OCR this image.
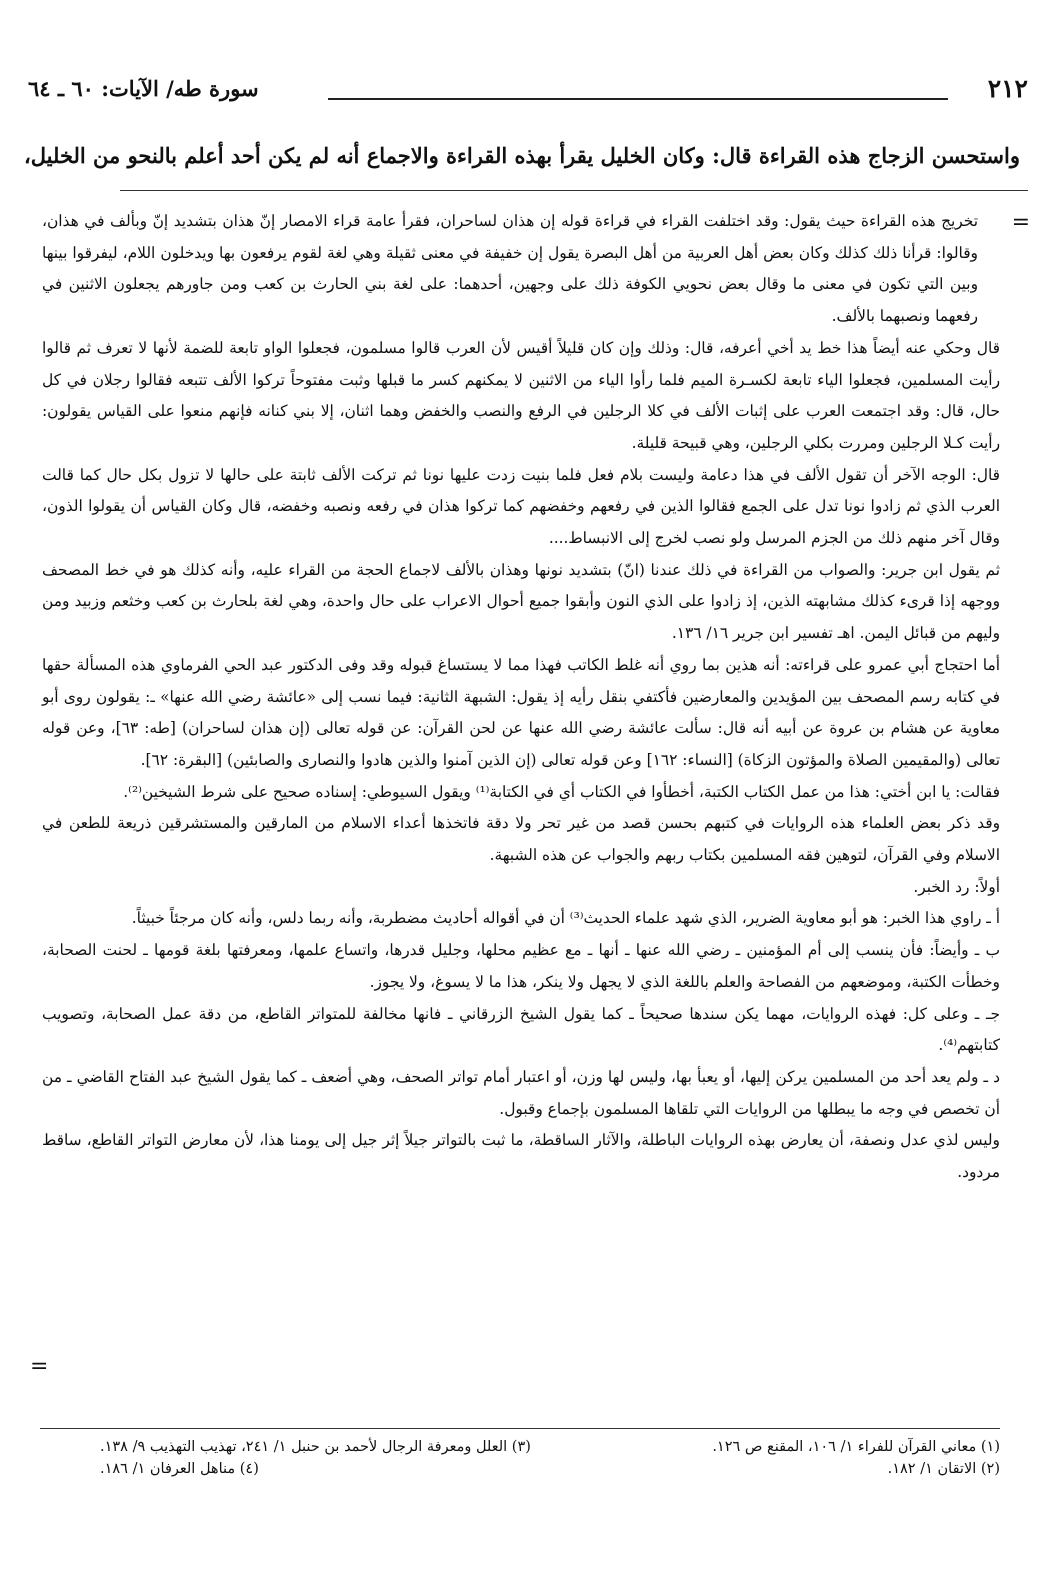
٢١٢
سورة طه/ الآيات: ٦٠ ـ ٦٤
واستحسن الزجاج هذه القراءة قال: وكان الخليل يقرأ بهذه القراءة والاجماع أنه لم يكن أحد أعلم بالنحو من الخليل،
=

تخريج هذه القراءة حيث يقول: وقد اختلفت القراء في قراءة قوله إن هذان لساحران، فقرأ عامة قراء الامصار إنّ هذان بتشديد إنّ وبألف في هذان، وقالوا: قرأنا ذلك كذلك وكان بعض أهل العربية من أهل البصرة يقول إن خفيفة في معنى ثقيلة وهي لغة لقوم يرفعون بها ويدخلون اللام، ليفرقوا بينها وبين التي تكون في معنى ما وقال بعض نحويي الكوفة ذلك على وجهين، أحدهما: على لغة بني الحارث بن كعب ومن جاورهم يجعلون الاثنين في رفعهما ونصبهما بالألف.

قال وحكي عنه أيضاً هذا خط يد أخي أعرفه، قال: وذلك وإن كان قليلاً أقيس لأن العرب قالوا مسلمون، فجعلوا الواو تابعة للضمة لأنها لا تعرف ثم قالوا رأيت المسلمين، فجعلوا الياء تابعة لكسـرة الميم فلما رأوا الياء من الاثنين لا يمكنهم كسر ما قبلها وثبت مفتوحاً تركوا الألف تتبعه فقالوا رجلان في كل حال، قال: وقد اجتمعت العرب على إثبات الألف في كلا الرجلين في الرفع والنصب والخفض وهما اثنان، إلا بني كنانه فإنهم منعوا على القياس يقولون: رأيت كـلا الرجلين ومررت بكلي الرجلين، وهي قبيحة قليلة.

قال: الوجه الآخر أن تقول الألف في هذا دعامة وليست بلام فعل فلما بنيت زدت عليها نونا ثم تركت الألف ثابتة على حالها لا تزول بكل حال كما قالت العرب الذي ثم زادوا نونا تدل على الجمع فقالوا الذين في رفعهم وخفضهم كما تركوا هذان في رفعه ونصبه وخفضه، قال وكان القياس أن يقولوا الذون، وقال آخر منهم ذلك من الجزم المرسل ولو نصب لخرج إلى الانبساط....

ثم يقول ابن جرير: والصواب من القراءة في ذلك عندنا (انّ) بتشديد نونها وهذان بالألف لاجماع الحجة من القراء عليه، وأنه كذلك هو في خط المصحف ووجهه إذا قرىء كذلك مشابهته الذين، إذ زادوا على الذي النون وأبقوا جميع أحوال الاعراب على حال واحدة، وهي لغة بلحارث بن كعب وخثعم وزبيد ومن وليهم من قبائل اليمن. اهـ تفسير ابن جرير ١٦/ ١٣٦.

أما احتجاج أبي عمرو على قراءته: أنه هذين بما روي أنه غلط الكاتب فهذا مما لا يستساغ قبوله وقد وفى الدكتور عبد الحي الفرماوي هذه المسألة حقها في كتابه رسم المصحف بين المؤيدين والمعارضين فأكتفي بنقل رأيه إذ يقول: الشبهة الثانية: فيما نسب إلى «عائشة رضي الله عنها» ـ: يقولون روى أبو معاوية عن هشام بن عروة عن أبيه أنه قال: سألت عائشة رضي الله عنها عن لحن القرآن: عن قوله تعالى (إن هذان لساحران) [طه: ٦٣]، وعن قوله تعالى (والمقيمين الصلاة والمؤتون الزكاة) [النساء: ١٦٢] وعن قوله تعالى (إن الذين آمنوا والذين هادوا والنصارى والصابئين) [البقرة: ٦٢].

فقالت: يا ابن أختي: هذا من عمل الكتاب الكتبة، أخطأوا في الكتاب أي في الكتابة⁽¹⁾ ويقول السيوطي: إسناده صحيح على شرط الشيخين⁽²⁾.

وقد ذكر بعض العلماء هذه الروايات في كتبهم بحسن قصد من غير تحر ولا دقة فاتخذها أعداء الاسلام من المارقين والمستشرقين ذريعة للطعن في الاسلام وفي القرآن، لتوهين فقه المسلمين بكتاب ربهم والجواب عن هذه الشبهة.

أولاً: رد الخبر.

أ ـ راوي هذا الخبر: هو أبو معاوية الضرير، الذي شهد علماء الحديث⁽³⁾ أن في أقواله أحاديث مضطربة، وأنه ربما دلس، وأنه كان مرجئاً خبيثاً.

ب ـ وأيضاً: فأن ينسب إلى أم المؤمنين ـ رضي الله عنها ـ أنها ـ مع عظيم محلها، وجليل قدرها، واتساع علمها، ومعرفتها بلغة قومها ـ لحنت الصحابة، وخطأت الكتبة، وموضعهم من الفصاحة والعلم باللغة الذي لا يجهل ولا ينكر، هذا ما لا يسوغ، ولا يجوز.

جـ ـ وعلى كل: فهذه الروايات، مهما يكن سندها صحيحاً ـ كما يقول الشيخ الزرقاني ـ فانها مخالفة للمتواتر القاطع، من دقة عمل الصحابة، وتصويب كتابتهم⁽⁴⁾.

د ـ ولم يعد أحد من المسلمين يركن إليها، أو يعبأ بها، وليس لها وزن، أو اعتبار أمام تواتر الصحف، وهي أضعف ـ كما يقول الشيخ عبد الفتاح القاضي ـ من أن تخصص في وجه ما يبطلها من الروايات التي تلقاها المسلمون بإجماع وقبول.

وليس لذي عدل ونصفة، أن يعارض بهذه الروايات الباطلة، والآثار الساقطة، ما ثبت بالتواتر جيلاً إثر جيل إلى يومنا هذا، لأن معارض التواتر القاطع، ساقط مردود.

=
(١) معاني القرآن للفراء ١/ ١٠٦، المقنع ص ١٢٦.
(٣) العلل ومعرفة الرجال لأحمد بن حنبل ١/ ٢٤١، تهذيب التهذيب ٩/ ١٣٨.
(٢) الاتقان ١/ ١٨٢.
(٤) مناهل العرفان ١/ ١٨٦.
